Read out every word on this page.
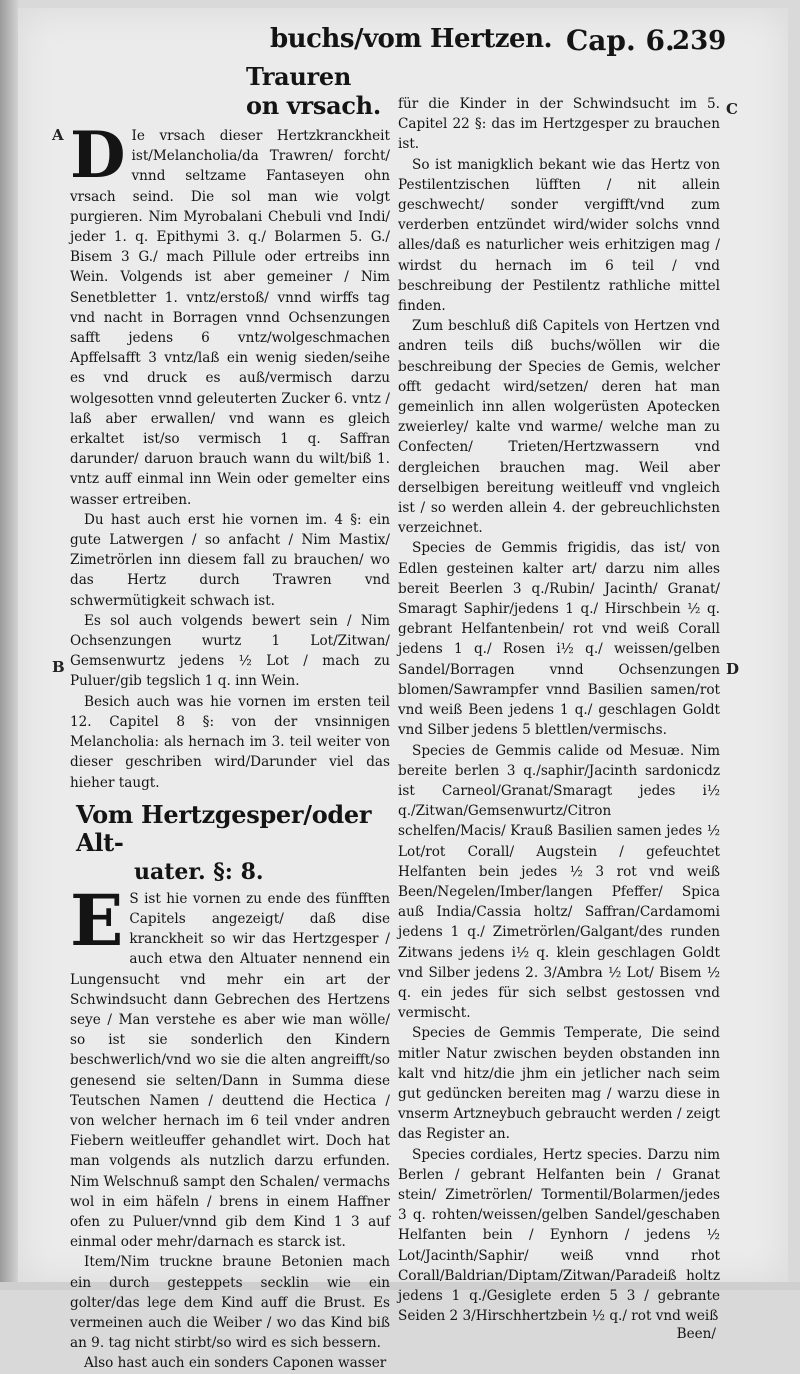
buchs/vom Hertzen. Cap. 6.
239
A
B
C
D
Trauren on vrsach.

D Ie vrsach dieser Hertzkranckheit ist/Melancholia/da Trawren/ forcht/ vnnd seltzame Fantaseyen ohn vrsach seind. Die sol man wie volgt purgieren. Nim Myrobalani Chebuli vnd Indi/ jeder 1. q. Epithymi 3. q./ Bolarmen 5. G./ Bisem 3 G./ mach Pillule oder ertreibs inn Wein. Volgends ist aber gemeiner / Nim Senetbletter 1. vntz/erstoß/ vnnd wirffs tag vnd nacht in Borragen vnnd Ochsenzungen safft jedens 6 vntz/wolgeschmachen Apffelsafft 3 vntz/laß ein wenig sieden/seihe es vnd druck es auß/vermisch darzu wolgesotten vnnd geleuterten Zucker 6. vntz / laß aber erwallen/ vnd wann es gleich erkaltet ist/so vermisch 1 q. Saffran darunder/ daruon brauch wann du wilt/biß 1. vntz auff einmal inn Wein oder gemelter eins wasser ertreiben.

Du hast auch erst hie vornen im. 4 §: ein gute Latwergen / so anfacht / Nim Mastix/ Zimetrörlen inn diesem fall zu brauchen/ wo das Hertz durch Trawren vnd schwermütigkeit schwach ist.

Es sol auch volgends bewert sein / Nim Ochsenzungen wurtz 1 Lot/Zitwan/ Gemsenwurtz jedens ½ Lot / mach zu Puluer/gib tegslich 1 q. inn Wein.

Besich auch was hie vornen im ersten teil 12. Capitel 8 §: von der vnsinnigen Melancholia: als hernach im 3. teil weiter von dieser geschriben wird/Darunder viel das hieher taugt.

Vom Hertzgesper/oder Alt-
uater. §: 8.

E S ist hie vornen zu ende des fünfften Capitels angezeigt/ daß dise kranckheit so wir das Hertzgesper / auch etwa den Altuater nennend ein Lungensucht vnd mehr ein art der Schwindsucht dann Gebrechen des Hertzens seye / Man verstehe es aber wie man wölle/ so ist sie sonderlich den Kindern beschwerlich/vnd wo sie die alten angreifft/so genesend sie selten/Dann in Summa diese Teutschen Namen / deuttend die Hectica / von welcher hernach im 6 teil vnder andren Fiebern weitleuffer gehandlet wirt. Doch hat man volgends als nutzlich darzu erfunden. Nim Welschnuß sampt den Schalen/ vermachs wol in eim häfeln / brens in einem Haffner ofen zu Puluer/vnnd gib dem Kind 1 3 auf einmal oder mehr/darnach es starck ist.

Item/Nim truckne braune Betonien mach ein durch gesteppets secklin wie ein golter/das lege dem Kind auff die Brust. Es vermeinen auch die Weiber / wo das Kind biß an 9. tag nicht stirbt/so wird es sich bessern.

Also hast auch ein sonders Caponen wasser

für die Kinder in der Schwindsucht im 5. Capitel 22 §: das im Hertzgesper zu brauchen ist.

So ist manigklich bekant wie das Hertz von Pestilentzischen lüfften / nit allein geschwecht/ sonder vergifft/vnd zum verderben entzündet wird/wider solchs vnnd alles/daß es naturlicher weis erhitzigen mag / wirdst du hernach im 6 teil / vnd beschreibung der Pestilentz rathliche mittel finden.

Zum beschluß diß Capitels von Hertzen vnd andren teils diß buchs/wöllen wir die beschreibung der Species de Gemis, welcher offt gedacht wird/setzen/ deren hat man gemeinlich inn allen wolgerüsten Apotecken zweierley/ kalte vnd warme/ welche man zu Confecten/ Trieten/Hertzwassern vnd dergleichen brauchen mag. Weil aber derselbigen bereitung weitleuff vnd vngleich ist / so werden allein 4. der gebreuchlichsten verzeichnet.

Species de Gemmis frigidis, das ist/ von Edlen gesteinen kalter art/ darzu nim alles bereit Beerlen 3 q./Rubin/ Jacinth/ Granat/ Smaragt Saphir/jedens 1 q./ Hirschbein ½ q. gebrant Helfantenbein/ rot vnd weiß Corall jedens 1 q./ Rosen i½ q./ weissen/gelben Sandel/Borragen vnnd Ochsenzungen blomen/Sawrampfer vnnd Basilien samen/rot vnd weiß Been jedens 1 q./ geschlagen Goldt vnd Silber jedens 5 blettlen/vermischs.

Species de Gemmis calide od Mesuæ. Nim bereite berlen 3 q./saphir/Jacinth sardonicdz ist Carneol/Granat/Smaragt jedes i½ q./Zitwan/Gemsenwurtz/Citron schelfen/Macis/ Krauß Basilien samen jedes ½ Lot/rot Corall/ Augstein / gefeuchtet Helfanten bein jedes ½ 3 rot vnd weiß Been/Negelen/Imber/langen Pfeffer/ Spica auß India/Cassia holtz/ Saffran/Cardamomi jedens 1 q./ Zimetrörlen/Galgant/des runden Zitwans jedens i½ q. klein geschlagen Goldt vnd Silber jedens 2. 3/Ambra ½ Lot/ Bisem ½ q. ein jedes für sich selbst gestossen vnd vermischt.

Species de Gemmis Temperate, Die seind mitler Natur zwischen beyden obstanden inn kalt vnd hitz/die jhm ein jetlicher nach seim gut gedüncken bereiten mag / warzu diese in vnserm Artzneybuch gebraucht werden / zeigt das Register an.

Species cordiales, Hertz species. Darzu nim Berlen / gebrant Helfanten bein / Granat stein/ Zimetrörlen/ Tormentil/Bolarmen/jedes 3 q. rohten/weissen/gelben Sandel/geschaben Helfanten bein / Eynhorn / jedens ½ Lot/Jacinth/Saphir/ weiß vnnd rhot Corall/Baldrian/Diptam/Zitwan/Paradeiß holtz jedens 1 q./Gesiglete erden 5 3 / gebrante Seiden 2 3/Hirschhertzbein ½ q./ rot vnd weiß

Been/
